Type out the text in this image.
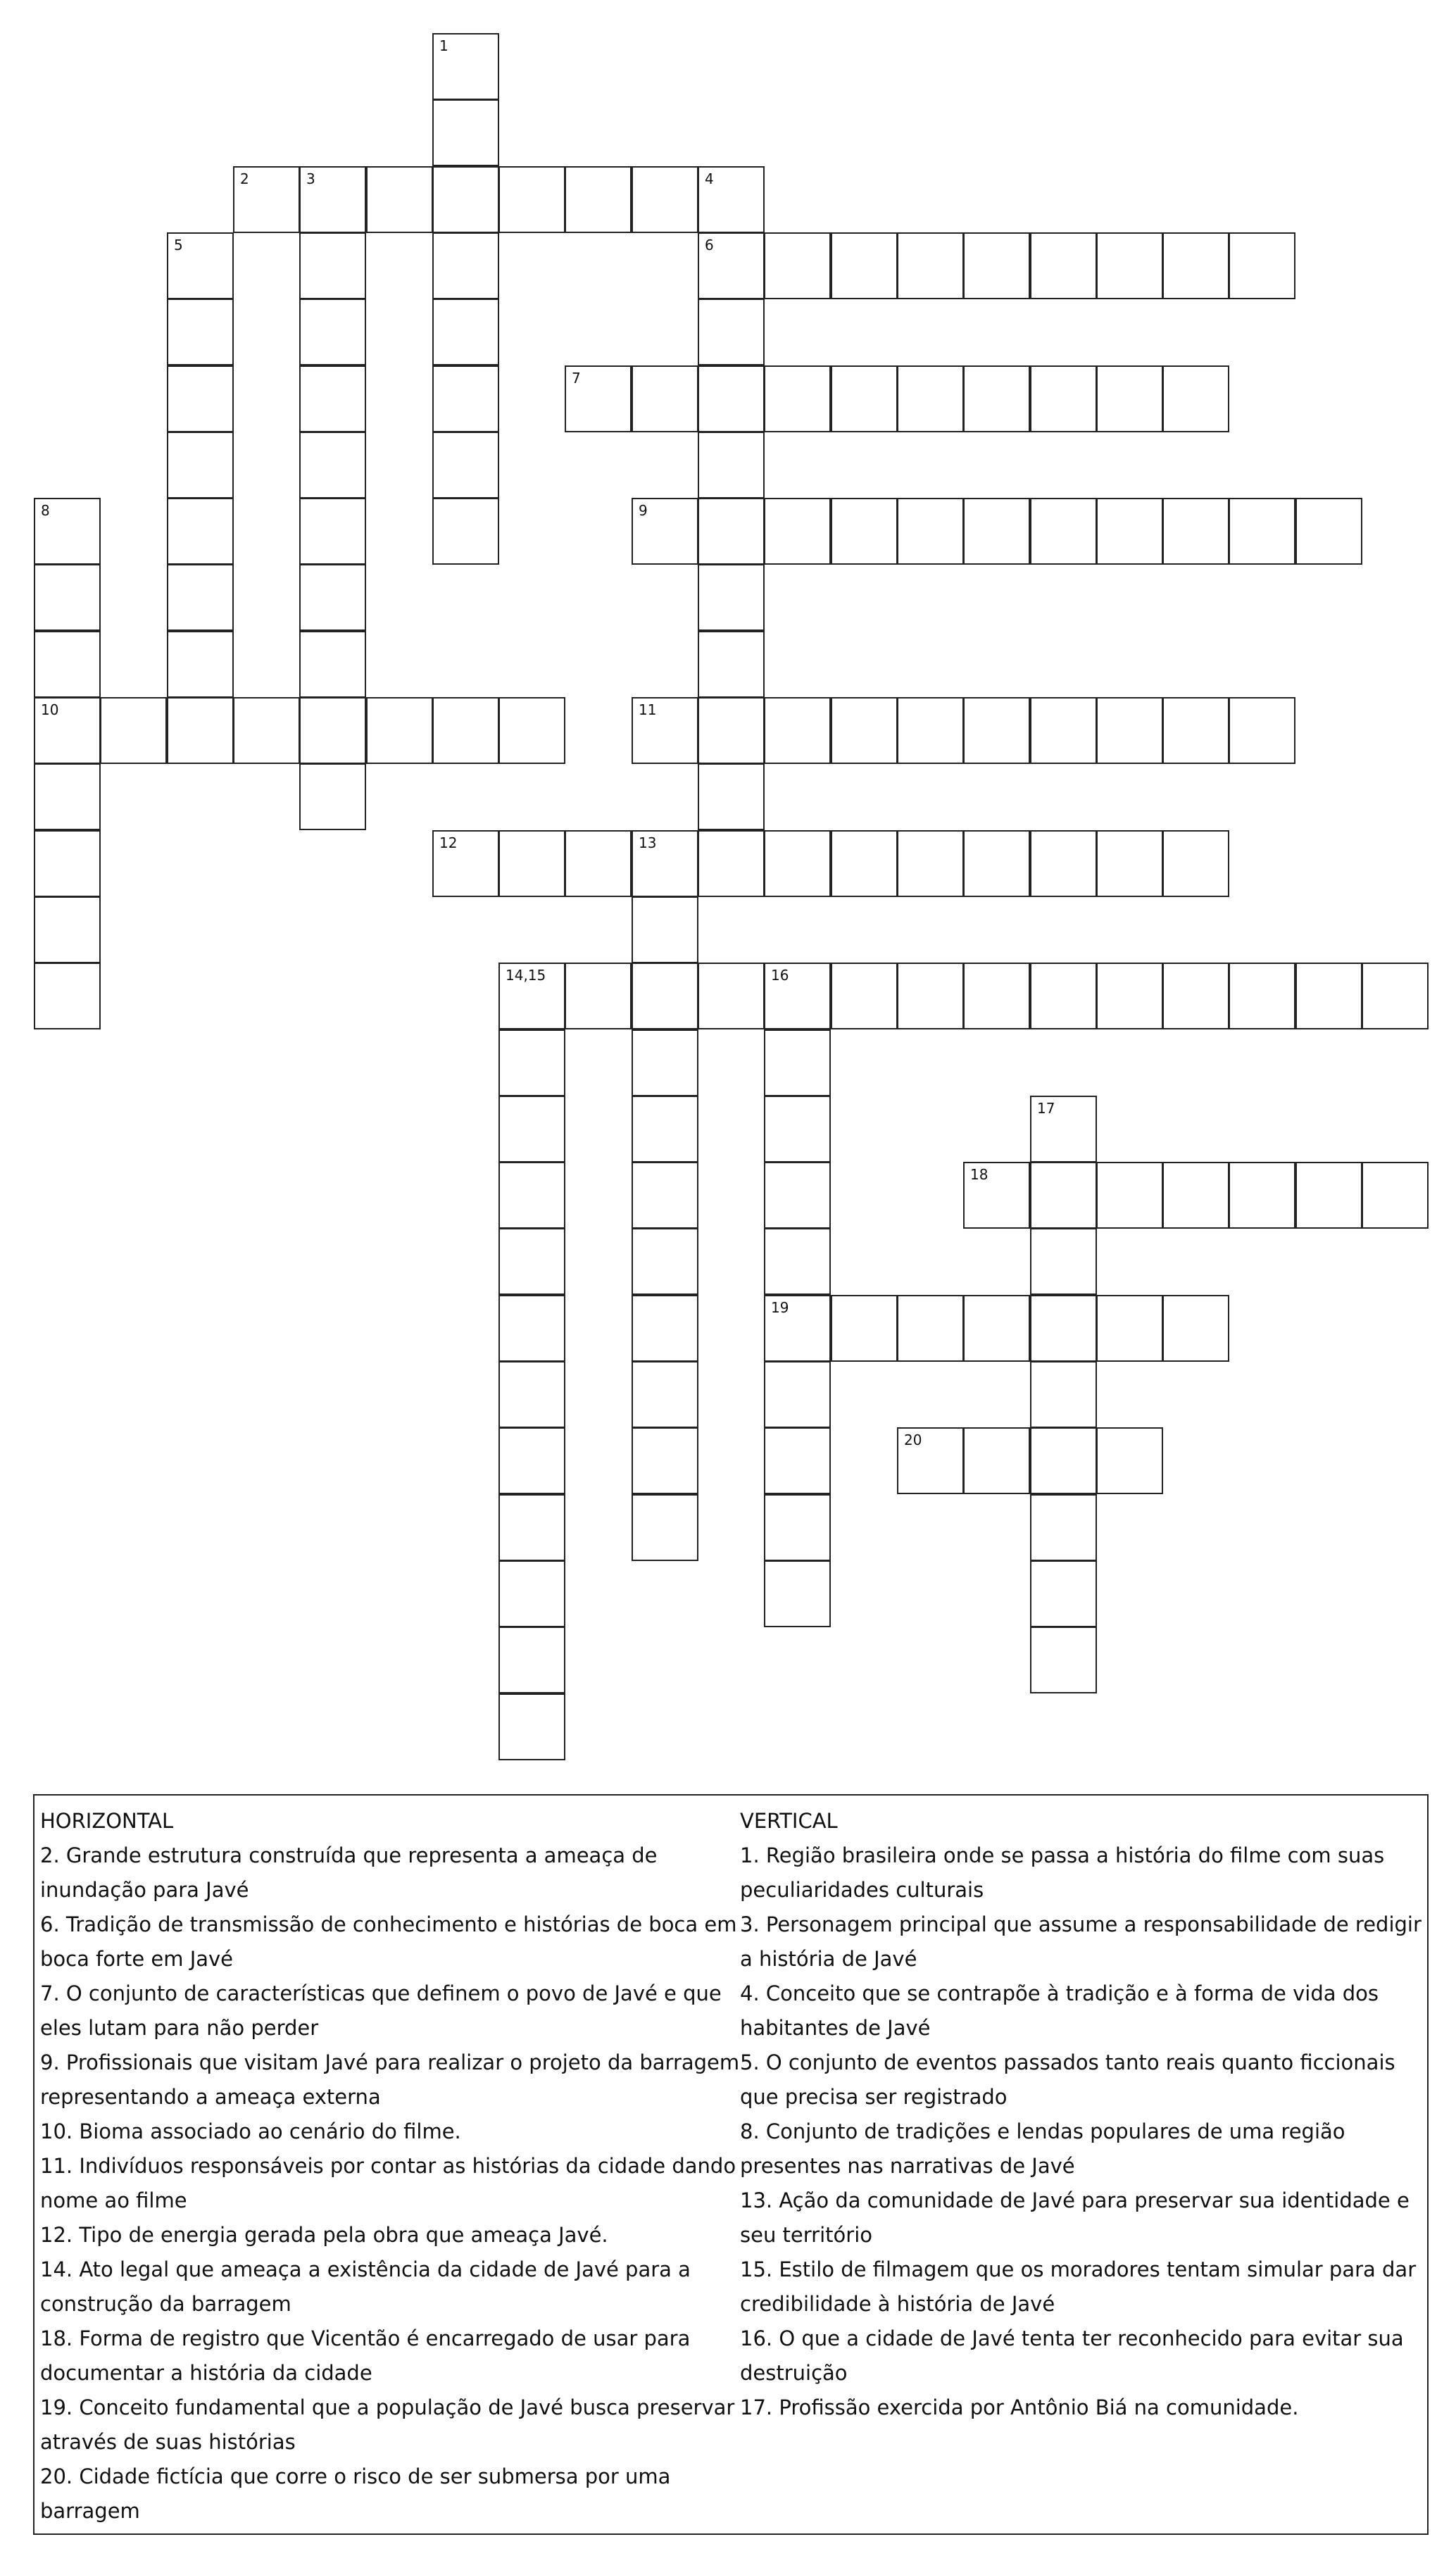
1
2	3	4
6
5
7
8
10
9
11
12	13
14,15	16
19
17
18
20
HORIZONTAL
2. Grande estrutura construída que representa a ameaça de inundação para Javé
6. Tradição de transmissão de conhecimento e histórias de boca em boca forte em Javé
7. O conjunto de características que definem o povo de Javé e que eles lutam para não perder
9. Profissionais que visitam Javé para realizar o projeto da barragem representando a ameaça externa
10. Bioma associado ao cenário do filme.
11. Indivíduos responsáveis por contar as histórias da cidade dando nome ao filme
12. Tipo de energia gerada pela obra que ameaça Javé.
14. Ato legal que ameaça a existência da cidade de Javé para a construção da barragem
18. Forma de registro que Vicentão é encarregado de usar para documentar a história da cidade
19. Conceito fundamental que a população de Javé busca preservar através de suas histórias
20. Cidade fictícia que corre o risco de ser submersa por uma barragem
VERTICAL
1. Região brasileira onde se passa a história do filme com suas peculiaridades culturais
3. Personagem principal que assume a responsabilidade de redigir a história de Javé
4. Conceito que se contrapõe à tradição e à forma de vida dos habitantes de Javé
5. O conjunto de eventos passados tanto reais quanto ficcionais que precisa ser registrado
8. Conjunto de tradições e lendas populares de uma região presentes nas narrativas de Javé
13. Ação da comunidade de Javé para preservar sua identidade e seu território
15. Estilo de filmagem que os moradores tentam simular para dar credibilidade à história de Javé
16. O que a cidade de Javé tenta ter reconhecido para evitar sua destruição
17. Profissão exercida por Antônio Biá na comunidade.
